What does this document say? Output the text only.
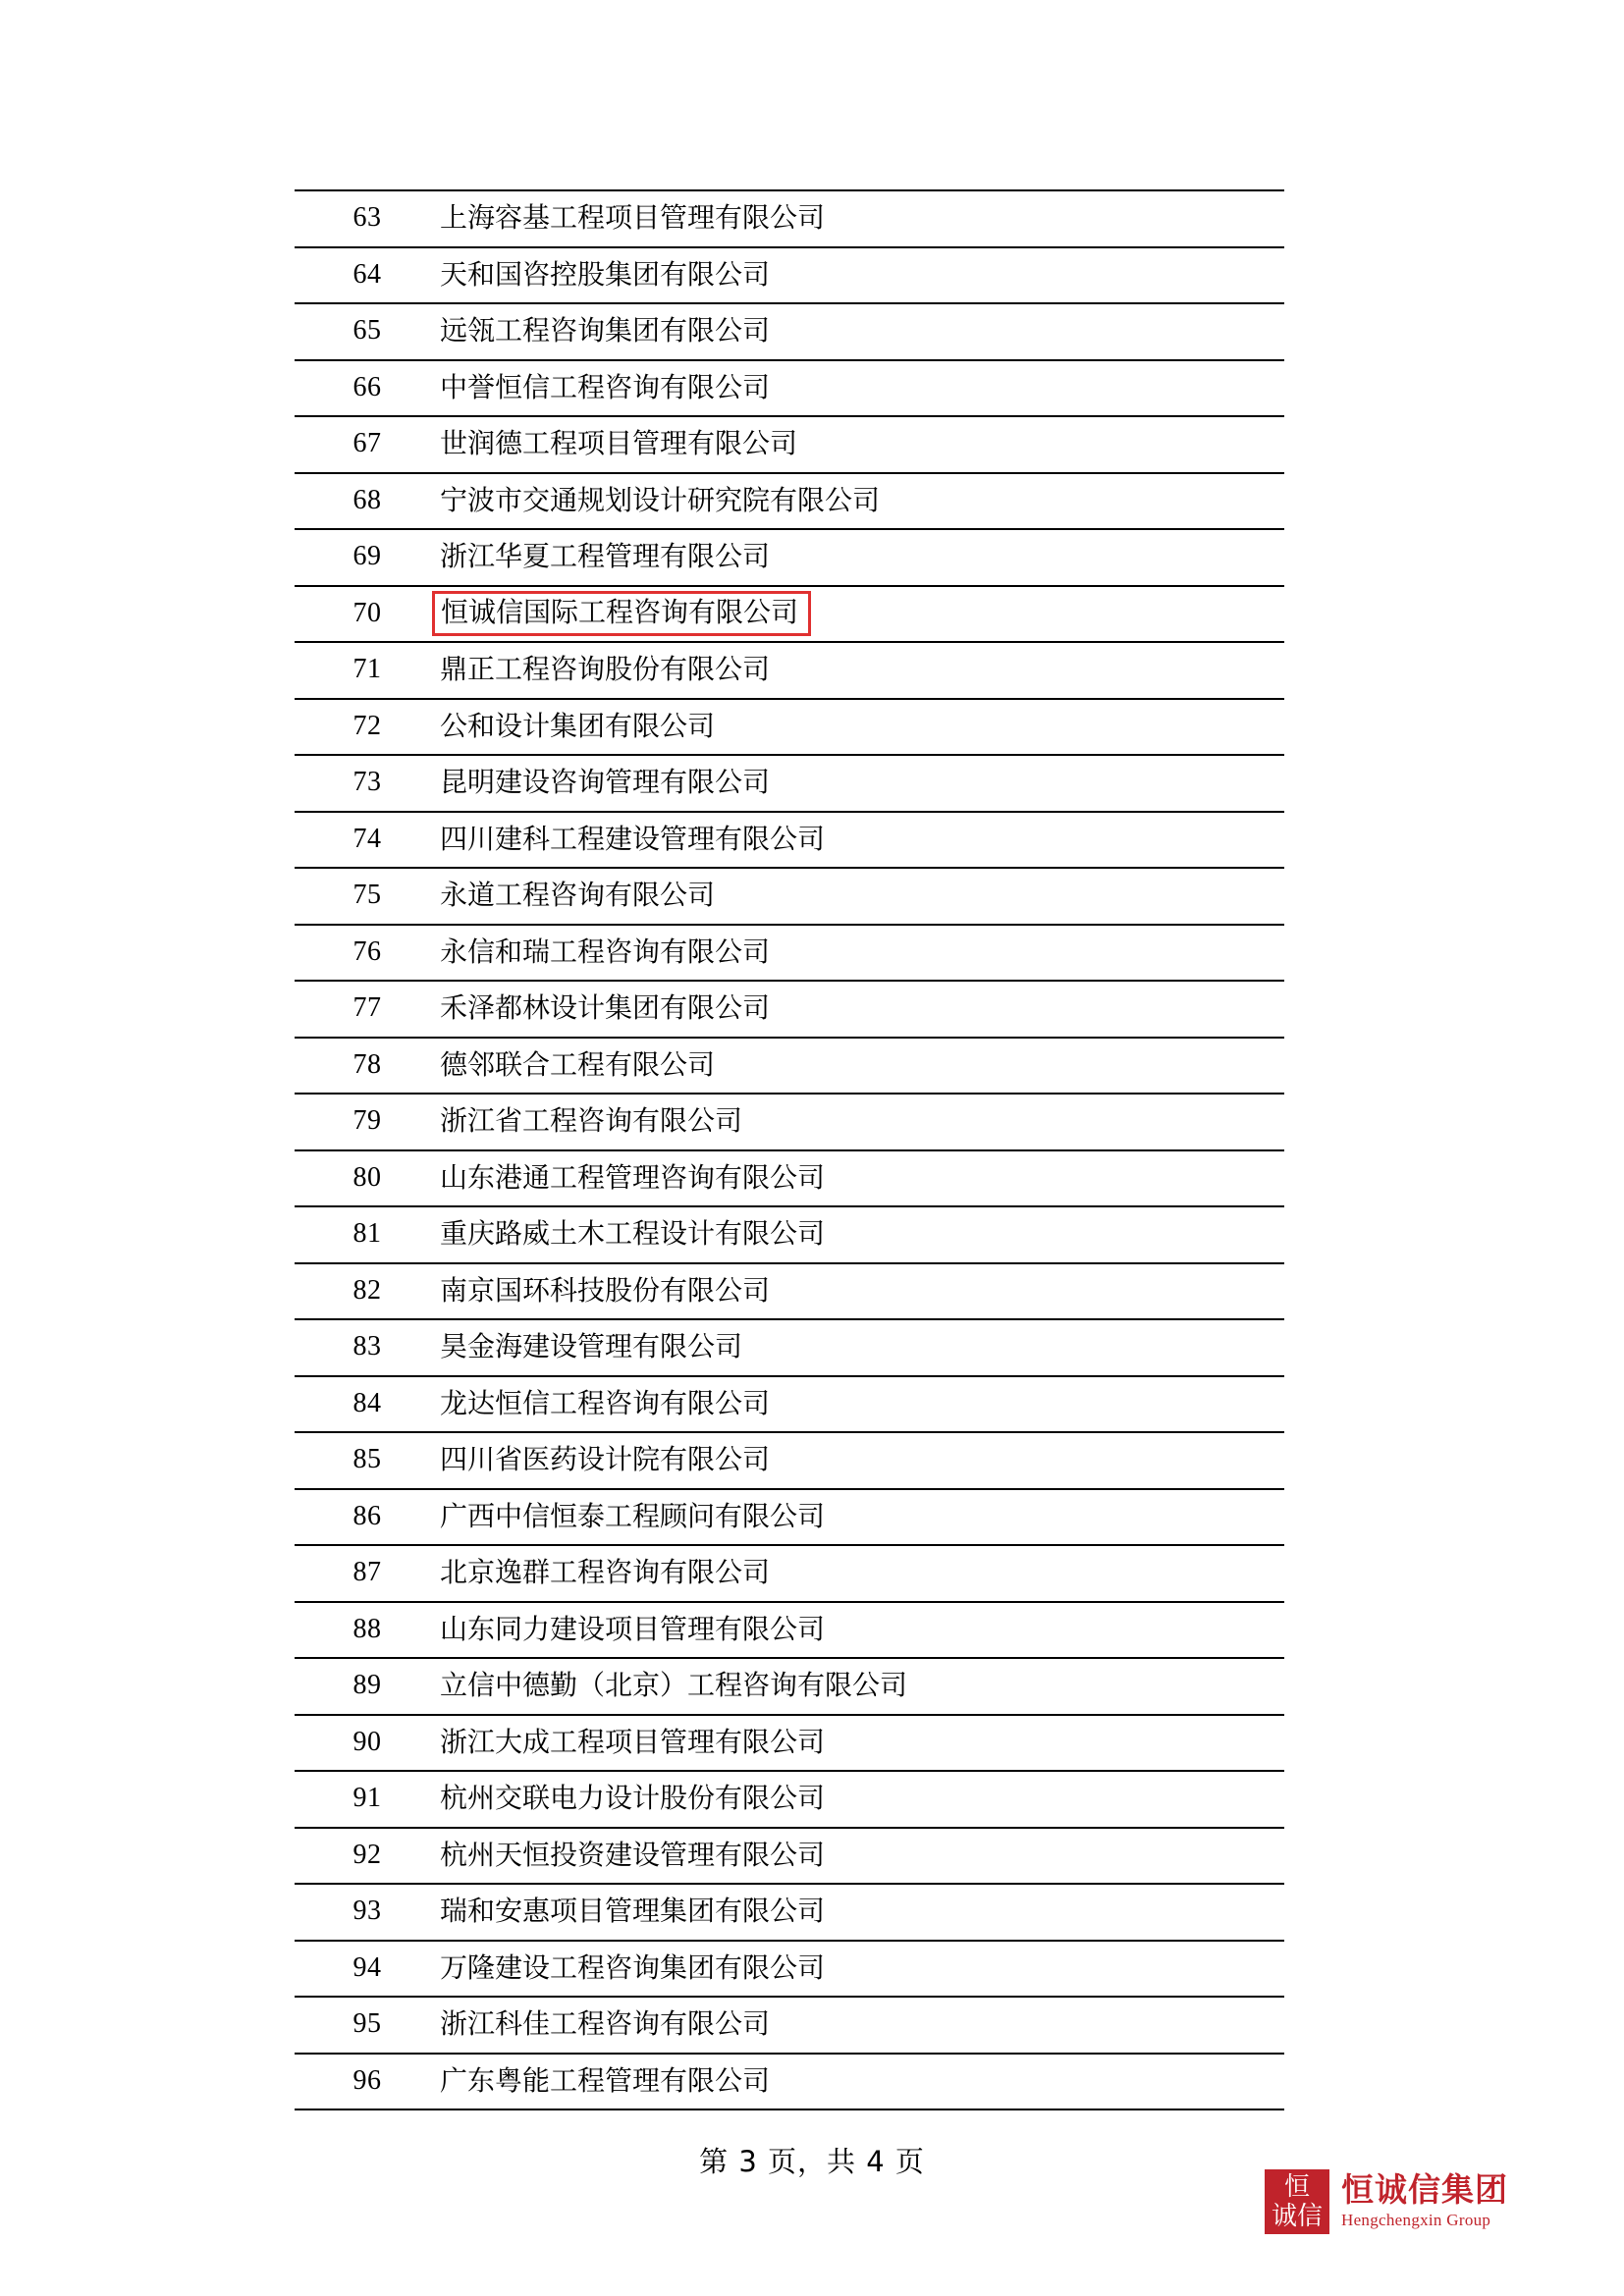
63	上海容基工程项目管理有限公司
64	天和国咨控股集团有限公司
65	远瓴工程咨询集团有限公司
66	中誉恒信工程咨询有限公司
67	世润德工程项目管理有限公司
68	宁波市交通规划设计研究院有限公司
69	浙江华夏工程管理有限公司
70	恒诚信国际工程咨询有限公司
71	鼎正工程咨询股份有限公司
72	公和设计集团有限公司
73	昆明建设咨询管理有限公司
74	四川建科工程建设管理有限公司
75	永道工程咨询有限公司
76	永信和瑞工程咨询有限公司
77	禾泽都林设计集团有限公司
78	德邻联合工程有限公司
79	浙江省工程咨询有限公司
80	山东港通工程管理咨询有限公司
81	重庆路威土木工程设计有限公司
82	南京国环科技股份有限公司
83	昊金海建设管理有限公司
84	龙达恒信工程咨询有限公司
85	四川省医药设计院有限公司
86	广西中信恒泰工程顾问有限公司
87	北京逸群工程咨询有限公司
88	山东同力建设项目管理有限公司
89	立信中德勤（北京）工程咨询有限公司
90	浙江大成工程项目管理有限公司
91	杭州交联电力设计股份有限公司
92	杭州天恒投资建设管理有限公司
93	瑞和安惠项目管理集团有限公司
94	万隆建设工程咨询集团有限公司
95	浙江科佳工程咨询有限公司
96	广东粤能工程管理有限公司
第 3 页，共 4 页
恒
诚信
恒诚信集团
Hengchengxin Group
